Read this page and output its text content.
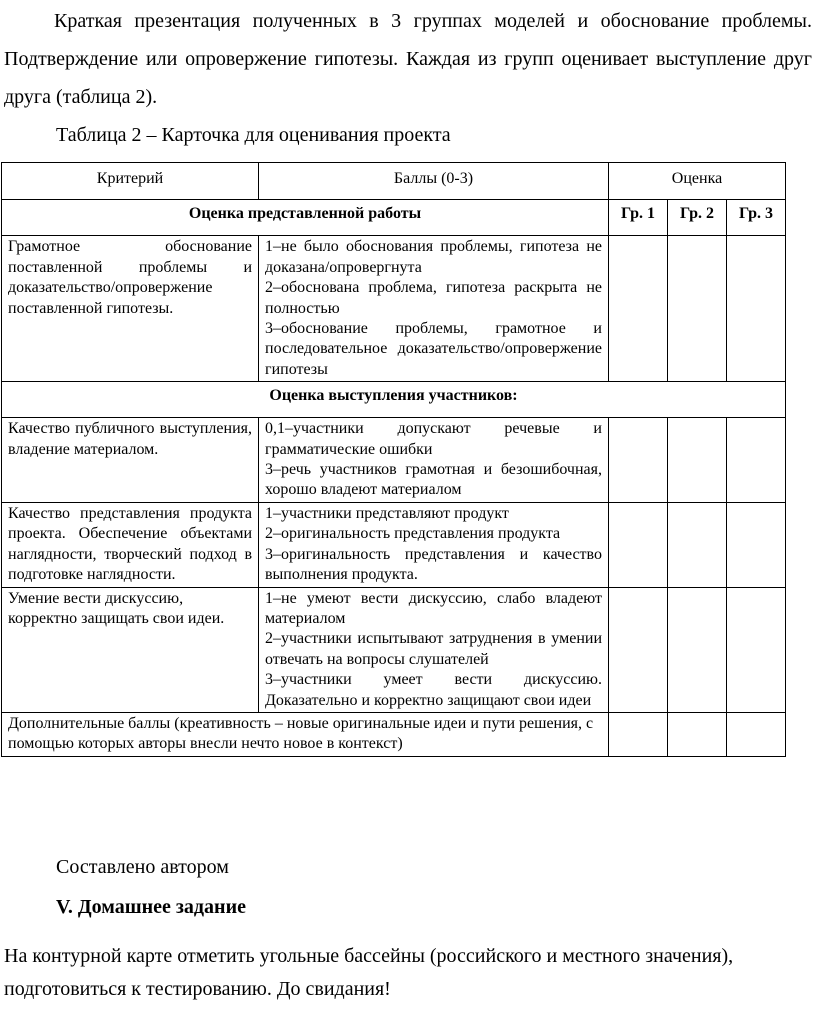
Краткая презентация полученных в 3 группах моделей и обоснование проблемы. Подтверждение или опровержение гипотезы. Каждая из групп оценивает выступление друг друга (таблица 2).

Таблица 2 – Карточка для оценивания проекта

Критерий	Баллы (0-3)	Оценка		
Оценка представленной работы		Гр. 1	Гр. 2	Гр. 3
Грамотное обоснование поставленной проблемы и доказательство/опровержение поставленной гипотезы.	1–не было обоснования проблемы, гипотеза не доказана/опровергнута
2–обоснована проблема, гипотеза раскрыта не полностью
3–обоснование проблемы, грамотное и последовательное доказательство/опровержение гипотезы			

Оценка выступления участников:				
Качество публичного выступления, владение материалом.	0,1–участники допускают речевые и грамматические ошибки
3–речь участников грамотная и безошибочная, хорошо владеют материалом			

Качество представления продукта проекта. Обеспечение объектами наглядности, творческий подход в подготовке наглядности.	1–участники представляют продукт
2–оригинальность представления продукта
3–оригинальность представления и качество выполнения продукта.			

Умение вести дискуссию, корректно защищать свои идеи.	1–не умеют вести дискуссию, слабо владеют материалом
2–участники испытывают затруднения в умении отвечать на вопросы слушателей
3–участники умеет вести дискуссию. Доказательно и корректно защищают свои идеи			

Дополнительные баллы (креативность – новые оригинальные идеи и пути решения, с помощью которых авторы внесли нечто новое в контекст)				

Составлено автором

V. Домашнее задание

На контурной карте отметить угольные бассейны (российского и местного значения), подготовиться к тестированию. До свидания!
